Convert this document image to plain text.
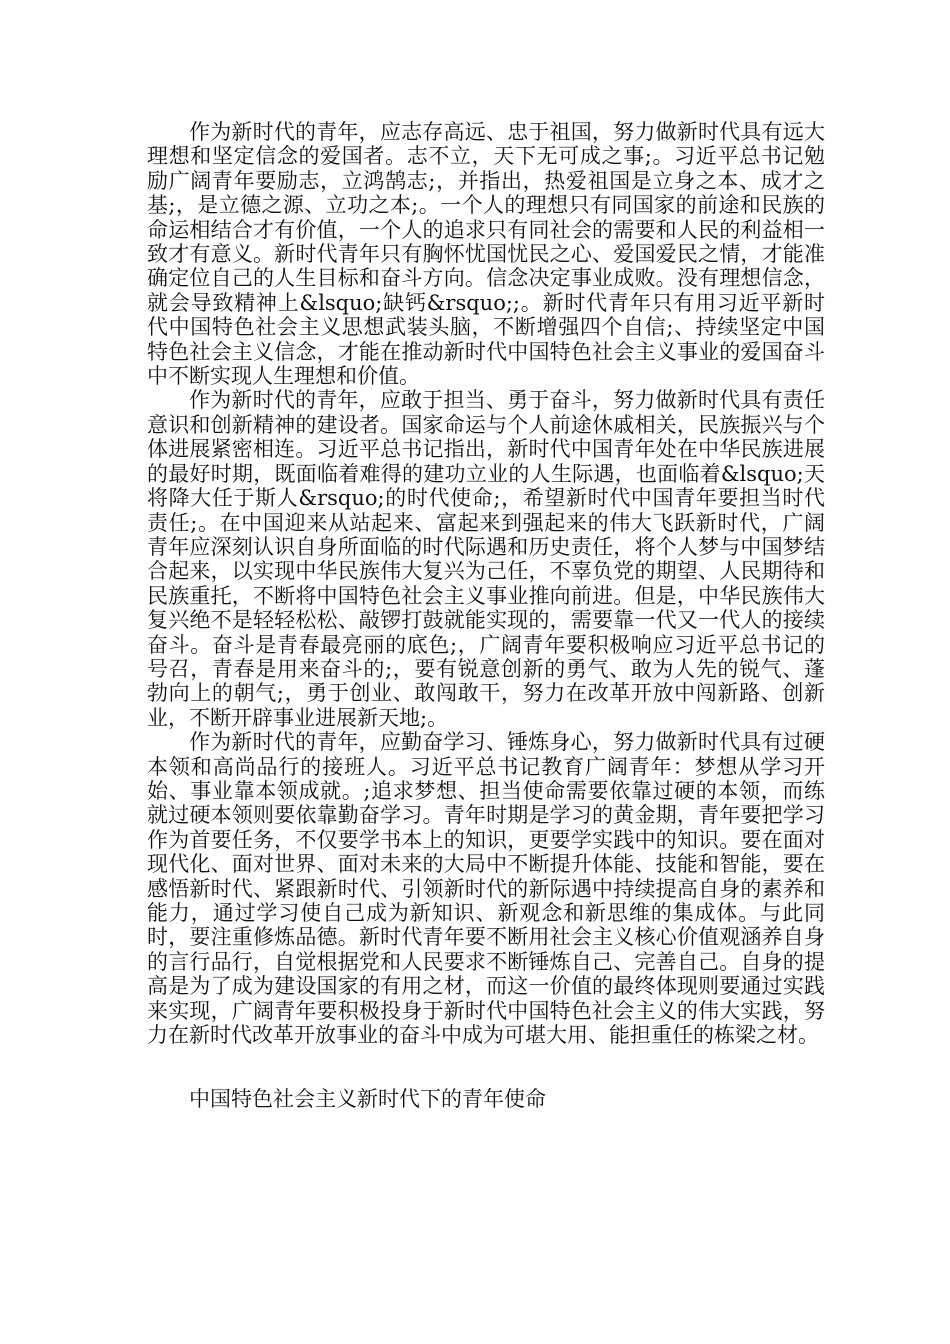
作为新时代的青年，应志存高远、忠于祖国，努力做新时代具有远大理想和坚定信念的爱国者。志不立，天下无可成之事;。习近平总书记勉励广阔青年要励志，立鸿鹄志;，并指出，热爱祖国是立身之本、成才之基;，是立德之源、立功之本;。一个人的理想只有同国家的前途和民族的命运相结合才有价值，一个人的追求只有同社会的需要和人民的利益相一致才有意义。新时代青年只有胸怀忧国忧民之心、爱国爱民之情，才能准确定位自己的人生目标和奋斗方向。信念决定事业成败。没有理想信念，就会导致精神上&lsquo;缺钙&rsquo;;。新时代青年只有用习近平新时代中国特色社会主义思想武装头脑，不断增强四个自信;、持续坚定中国特色社会主义信念，才能在推动新时代中国特色社会主义事业的爱国奋斗中不断实现人生理想和价值。

作为新时代的青年，应敢于担当、勇于奋斗，努力做新时代具有责任意识和创新精神的建设者。国家命运与个人前途休戚相关，民族振兴与个体进展紧密相连。习近平总书记指出，新时代中国青年处在中华民族进展的最好时期，既面临着难得的建功立业的人生际遇，也面临着&lsquo;天将降大任于斯人&rsquo;的时代使命;，希望新时代中国青年要担当时代责任;。在中国迎来从站起来、富起来到强起来的伟大飞跃新时代，广阔青年应深刻认识自身所面临的时代际遇和历史责任，将个人梦与中国梦结合起来，以实现中华民族伟大复兴为己任，不辜负党的期望、人民期待和民族重托，不断将中国特色社会主义事业推向前进。但是，中华民族伟大复兴绝不是轻轻松松、敲锣打鼓就能实现的，需要靠一代又一代人的接续奋斗。奋斗是青春最亮丽的底色;，广阔青年要积极响应习近平总书记的号召，青春是用来奋斗的;，要有锐意创新的勇气、敢为人先的锐气、蓬勃向上的朝气;，勇于创业、敢闯敢干，努力在改革开放中闯新路、创新业，不断开辟事业进展新天地;。

作为新时代的青年，应勤奋学习、锤炼身心，努力做新时代具有过硬本领和高尚品行的接班人。习近平总书记教育广阔青年：梦想从学习开始、事业靠本领成就。;追求梦想、担当使命需要依靠过硬的本领，而练就过硬本领则要依靠勤奋学习。青年时期是学习的黄金期，青年要把学习作为首要任务，不仅要学书本上的知识，更要学实践中的知识。要在面对现代化、面对世界、面对未来的大局中不断提升体能、技能和智能，要在感悟新时代、紧跟新时代、引领新时代的新际遇中持续提高自身的素养和能力，通过学习使自己成为新知识、新观念和新思维的集成体。与此同时，要注重修炼品德。新时代青年要不断用社会主义核心价值观涵养自身的言行品行，自觉根据党和人民要求不断锤炼自己、完善自己。自身的提高是为了成为建设国家的有用之材，而这一价值的最终体现则要通过实践来实现，广阔青年要积极投身于新时代中国特色社会主义的伟大实践，努力在新时代改革开放事业的奋斗中成为可堪大用、能担重任的栋梁之材。

中国特色社会主义新时代下的青年使命
